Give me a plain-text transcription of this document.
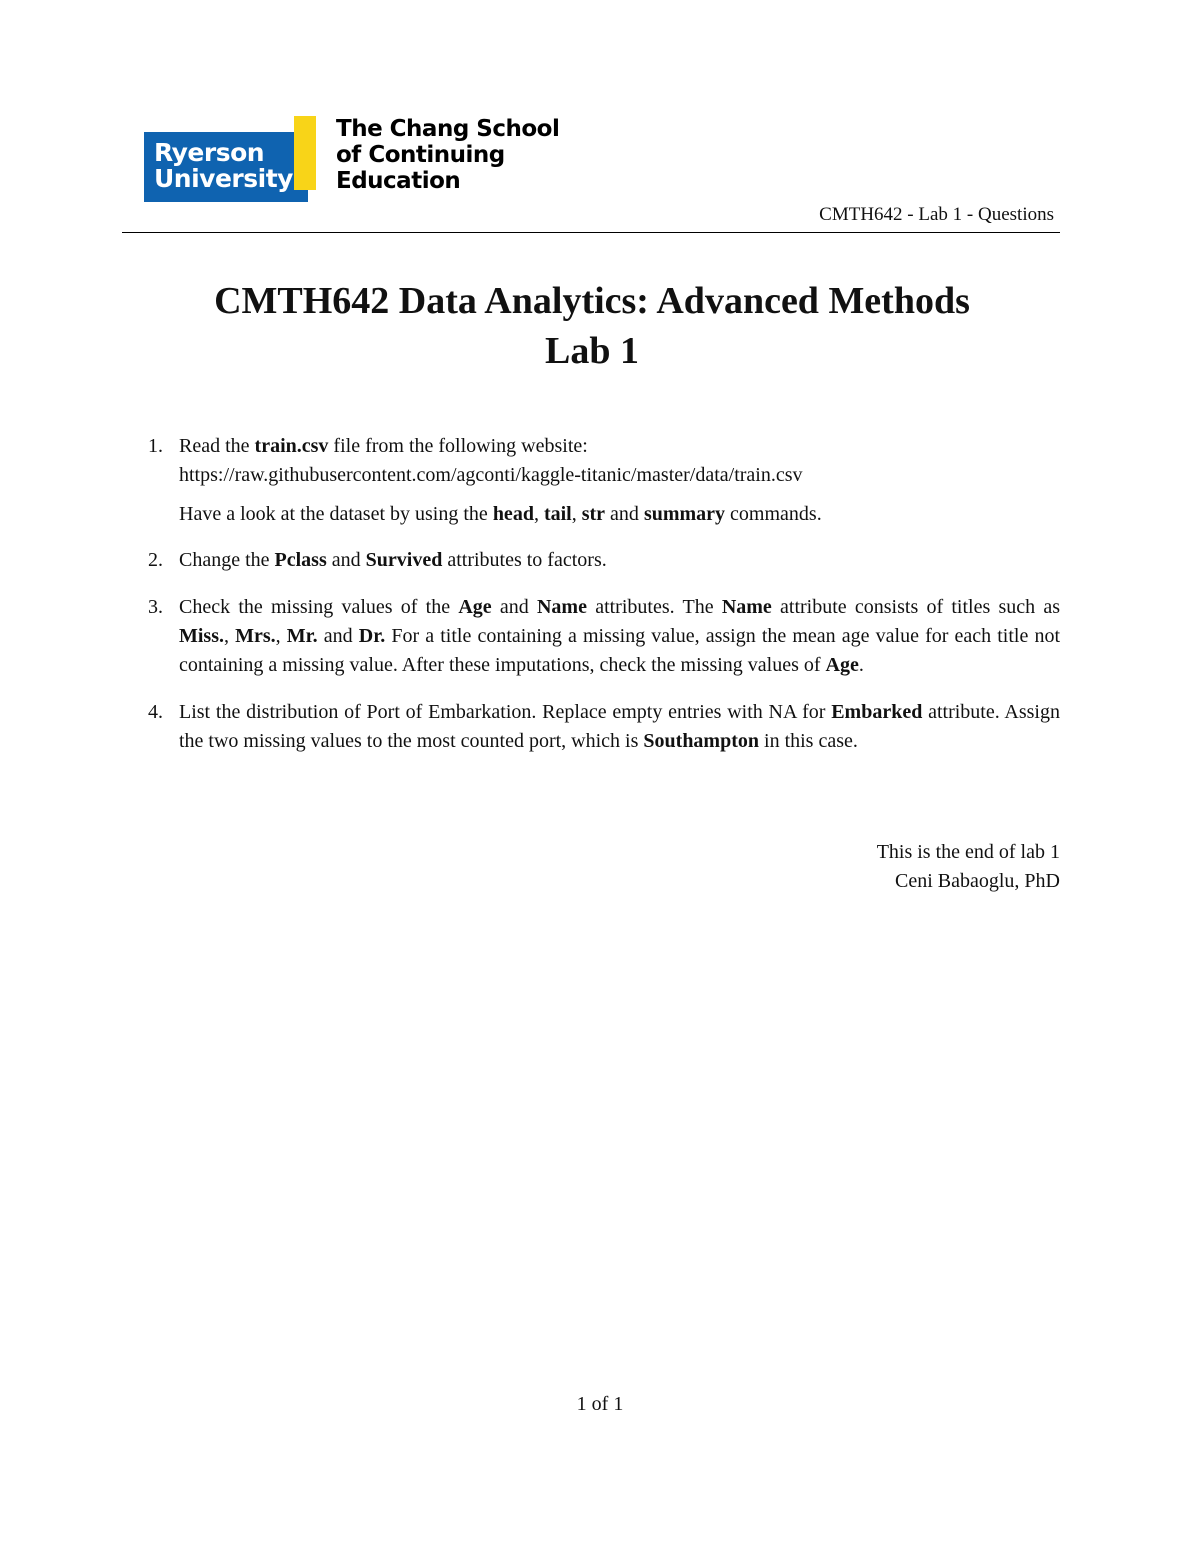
Ryerson
University
The Chang School
of Continuing
Education
CMTH642 - Lab 1 - Questions
CMTH642 Data Analytics: Advanced Methods
Lab 1
1. Read the train.csv file from the following website:

https://raw.githubusercontent.com/agconti/kaggle-titanic/master/data/train.csv

Have a look at the dataset by using the head, tail, str and summary commands.

2. Change the Pclass and Survived attributes to factors.

3. Check the missing values of the Age and Name attributes. The Name attribute consists of titles such as Miss., Mrs., Mr. and Dr. For a title containing a missing value, assign the mean age value for each title not containing a missing value. After these imputations, check the missing values of Age.

4. List the distribution of Port of Embarkation. Replace empty entries with NA for Embarked attribute. Assign the two missing values to the most counted port, which is Southampton in this case.

This is the end of lab 1
Ceni Babaoglu, PhD
1 of 1
